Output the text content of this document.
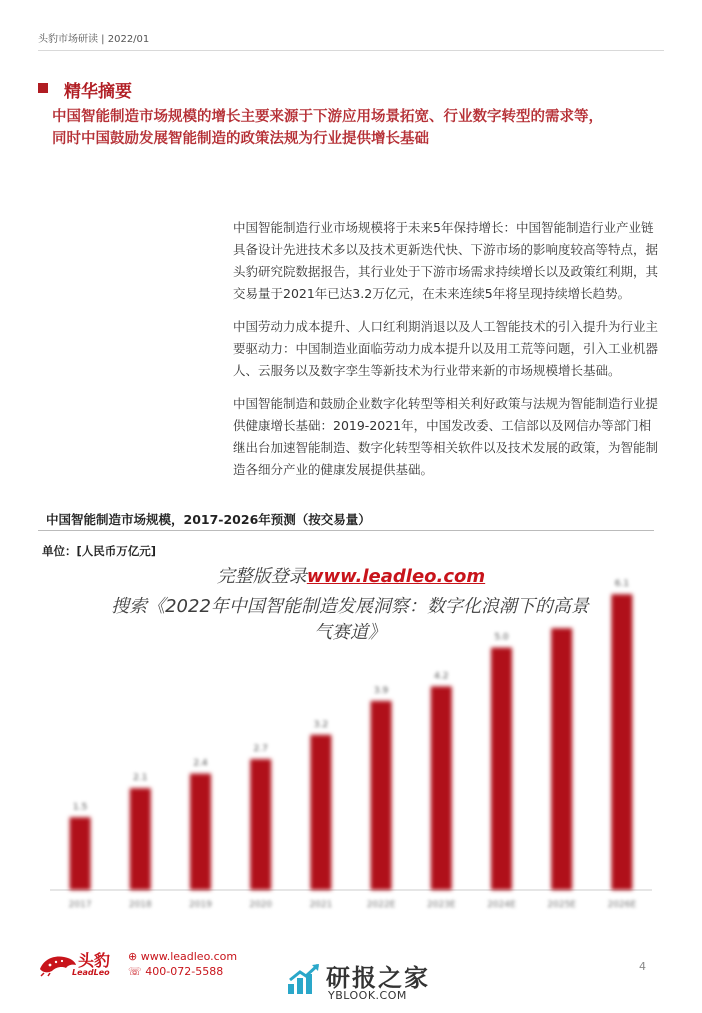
头豹市场研读 | 2022/01
精华摘要
中国智能制造市场规模的增长主要来源于下游应用场景拓宽、行业数字转型的需求等，
同时中国鼓励发展智能制造的政策法规为行业提供增长基础

中国智能制造行业市场规模将于未来5年保持增长：中国智能制造行业产业链具备设计先进技术多以及技术更新迭代快、下游市场的影响度较高等特点，据头豹研究院数据报告，其行业处于下游市场需求持续增长以及政策红利期，其交易量于2021年已达3.2万亿元，在未来连续5年将呈现持续增长趋势。

中国劳动力成本提升、人口红利期消退以及人工智能技术的引入提升为行业主要驱动力：中国制造业面临劳动力成本提升以及用工荒等问题，引入工业机器人、云服务以及数字孪生等新技术为行业带来新的市场规模增长基础。

中国智能制造和鼓励企业数字化转型等相关利好政策与法规为智能制造行业提供健康增长基础：2019-2021年，中国发改委、工信部以及网信办等部门相继出台加速智能制造、数字化转型等相关软件以及技术发展的政策，为智能制造各细分产业的健康发展提供基础。

中国智能制造市场规模，2017-2026年预测（按交易量）
单位：[人民币万亿元]
1.5
2017
2.1
2018
2.4
2019
2.7
2020
3.2
2021
3.9
2022E
4.2
2023E
5.0
2024E	2025E
6.1
2026E
完整版登录www.leadleo.com
搜索《2022年中国智能制造发展洞察：数字化浪潮下的高景
气赛道》
头豹
LeadLeo
⊕ www.leadleo.com
☏ 400-072-5588	研报之家
YBLOOK.COM
4
